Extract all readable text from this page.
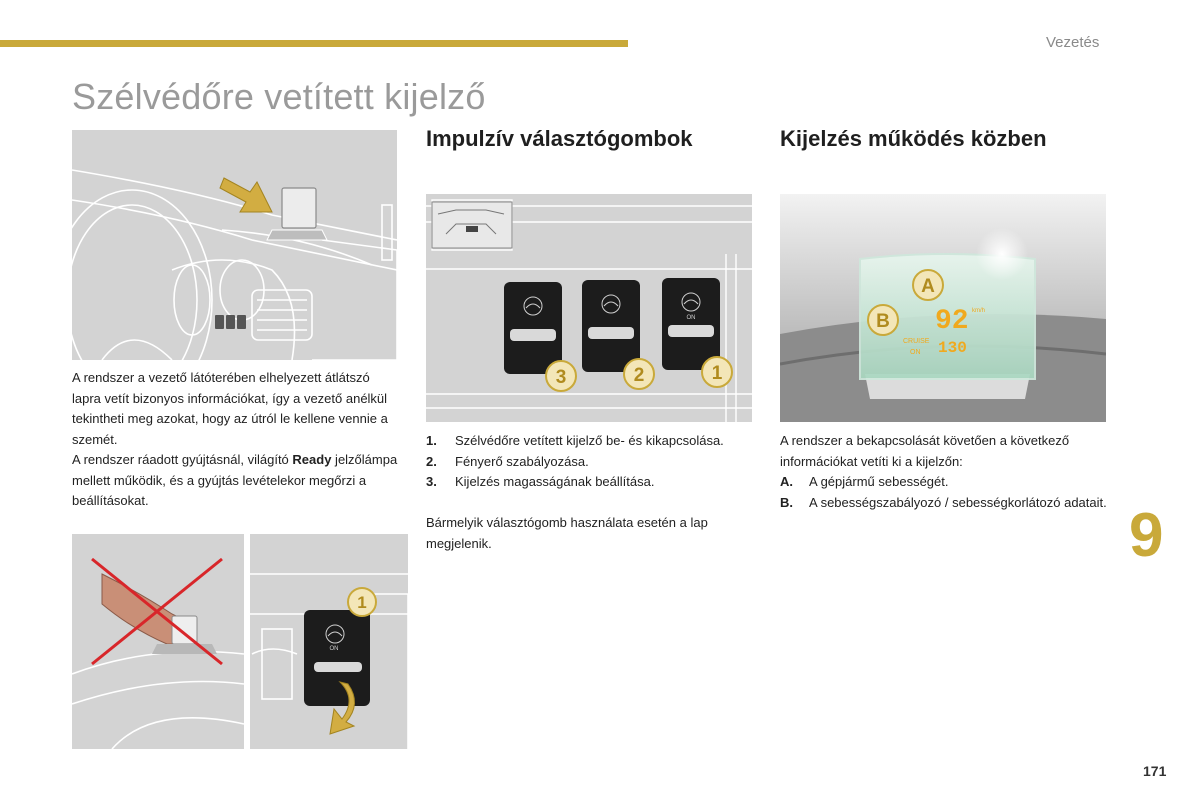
Vezetés
Szélvédőre vetített kijelző

A rendszer a vezető látóterében elhelyezett átlátszó lapra vetít bizonyos információkat, így a vezető anélkül tekintheti meg azokat, hogy az útról le kellene vennie a szemét.

A rendszer ráadott gyújtásnál, világító Ready jelzőlámpa mellett működik, és a gyújtás levételekor megőrzi a beállításokat.

ON
1
Impulzív választógombok
ON
3	2	1
1. Szélvédőre vetített kijelző be- és kikapcsolása.
2. Fényerő szabályozása.
3. Kijelzés magasságának beállítása.

Bármelyik választógomb használata esetén a lap megjelenik.

Kijelzés működés közben
A
B 92 km/h
CRUISE
ON 130

A rendszer a bekapcsolását követően a következő információkat vetíti ki a kijelzőn:

A. A gépjármű sebességét.
B. A sebességszabályozó / sebességkorlátozó adatait. 9
171
